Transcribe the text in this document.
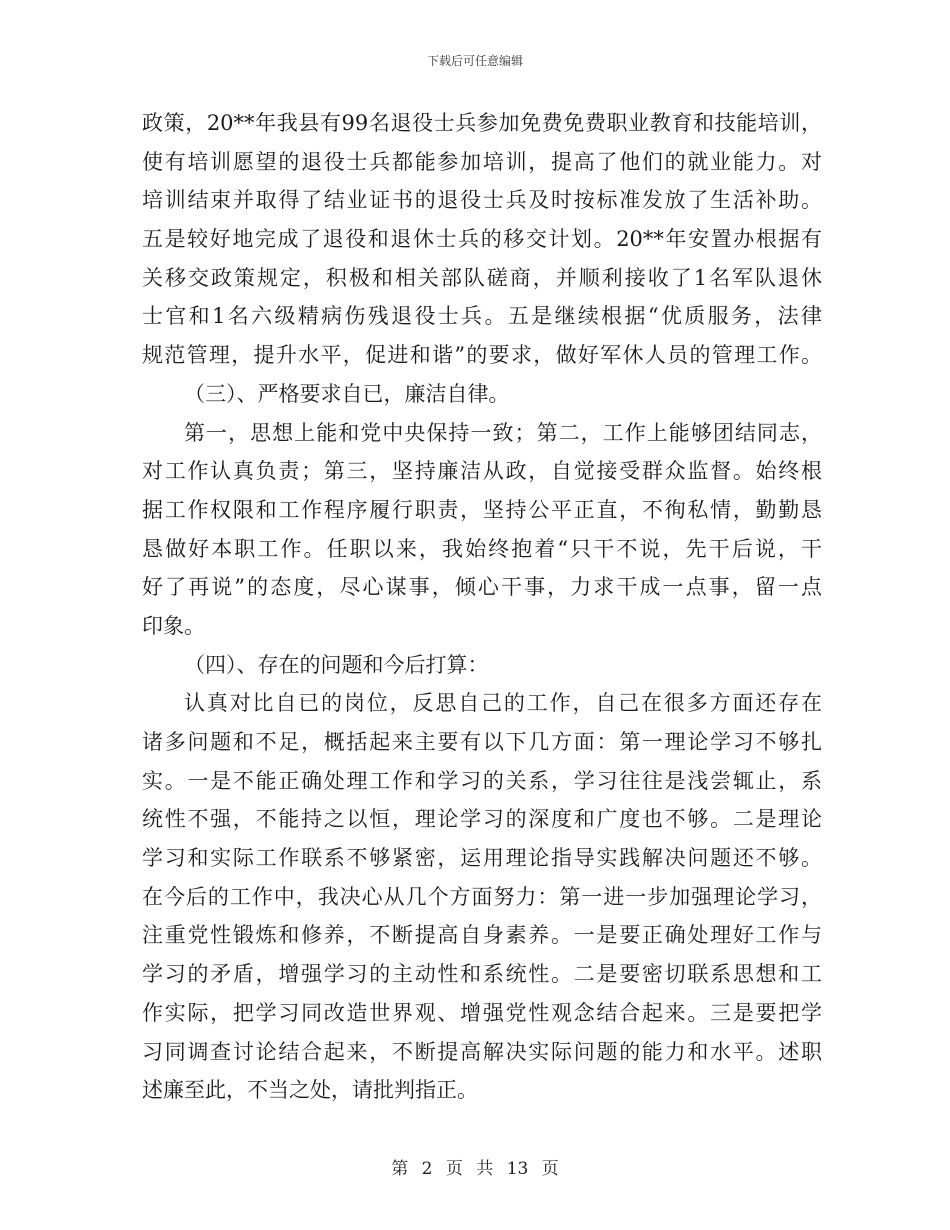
下载后可任意编辑
政策，20**年我县有99名退役士兵参加免费免费职业教育和技能培训，
使有培训愿望的退役士兵都能参加培训，提高了他们的就业能力。对
培训结束并取得了结业证书的退役士兵及时按标准发放了生活补助。
五是较好地完成了退役和退休士兵的移交计划。20**年安置办根据有
关移交政策规定，积极和相关部队磋商，并顺利接收了1名军队退休
士官和1名六级精病伤残退役士兵。五是继续根据“优质服务，法律
规范管理，提升水平，促进和谐”的要求，做好军休人员的管理工作。
（三）、严格要求自已，廉洁自律。
第一，思想上能和党中央保持一致；第二，工作上能够团结同志，
对工作认真负责；第三，坚持廉洁从政，自觉接受群众监督。始终根
据工作权限和工作程序履行职责，坚持公平正直，不徇私情，勤勤恳
恳做好本职工作。任职以来，我始终抱着“只干不说，先干后说，干
好了再说”的态度，尽心谋事，倾心干事，力求干成一点事，留一点
印象。
（四）、存在的问题和今后打算：
认真对比自已的岗位，反思自己的工作，自己在很多方面还存在
诸多问题和不足，概括起来主要有以下几方面：第一理论学习不够扎
实。一是不能正确处理工作和学习的关系，学习往往是浅尝辄止，系
统性不强，不能持之以恒，理论学习的深度和广度也不够。二是理论
学习和实际工作联系不够紧密，运用理论指导实践解决问题还不够。
在今后的工作中，我决心从几个方面努力：第一进一步加强理论学习，
注重党性锻炼和修养，不断提高自身素养。一是要正确处理好工作与
学习的矛盾，增强学习的主动性和系统性。二是要密切联系思想和工
作实际，把学习同改造世界观、增强党性观念结合起来。三是要把学
习同调查讨论结合起来，不断提高解决实际问题的能力和水平。述职
述廉至此，不当之处，请批判指正。
第 2 页 共 13 页
